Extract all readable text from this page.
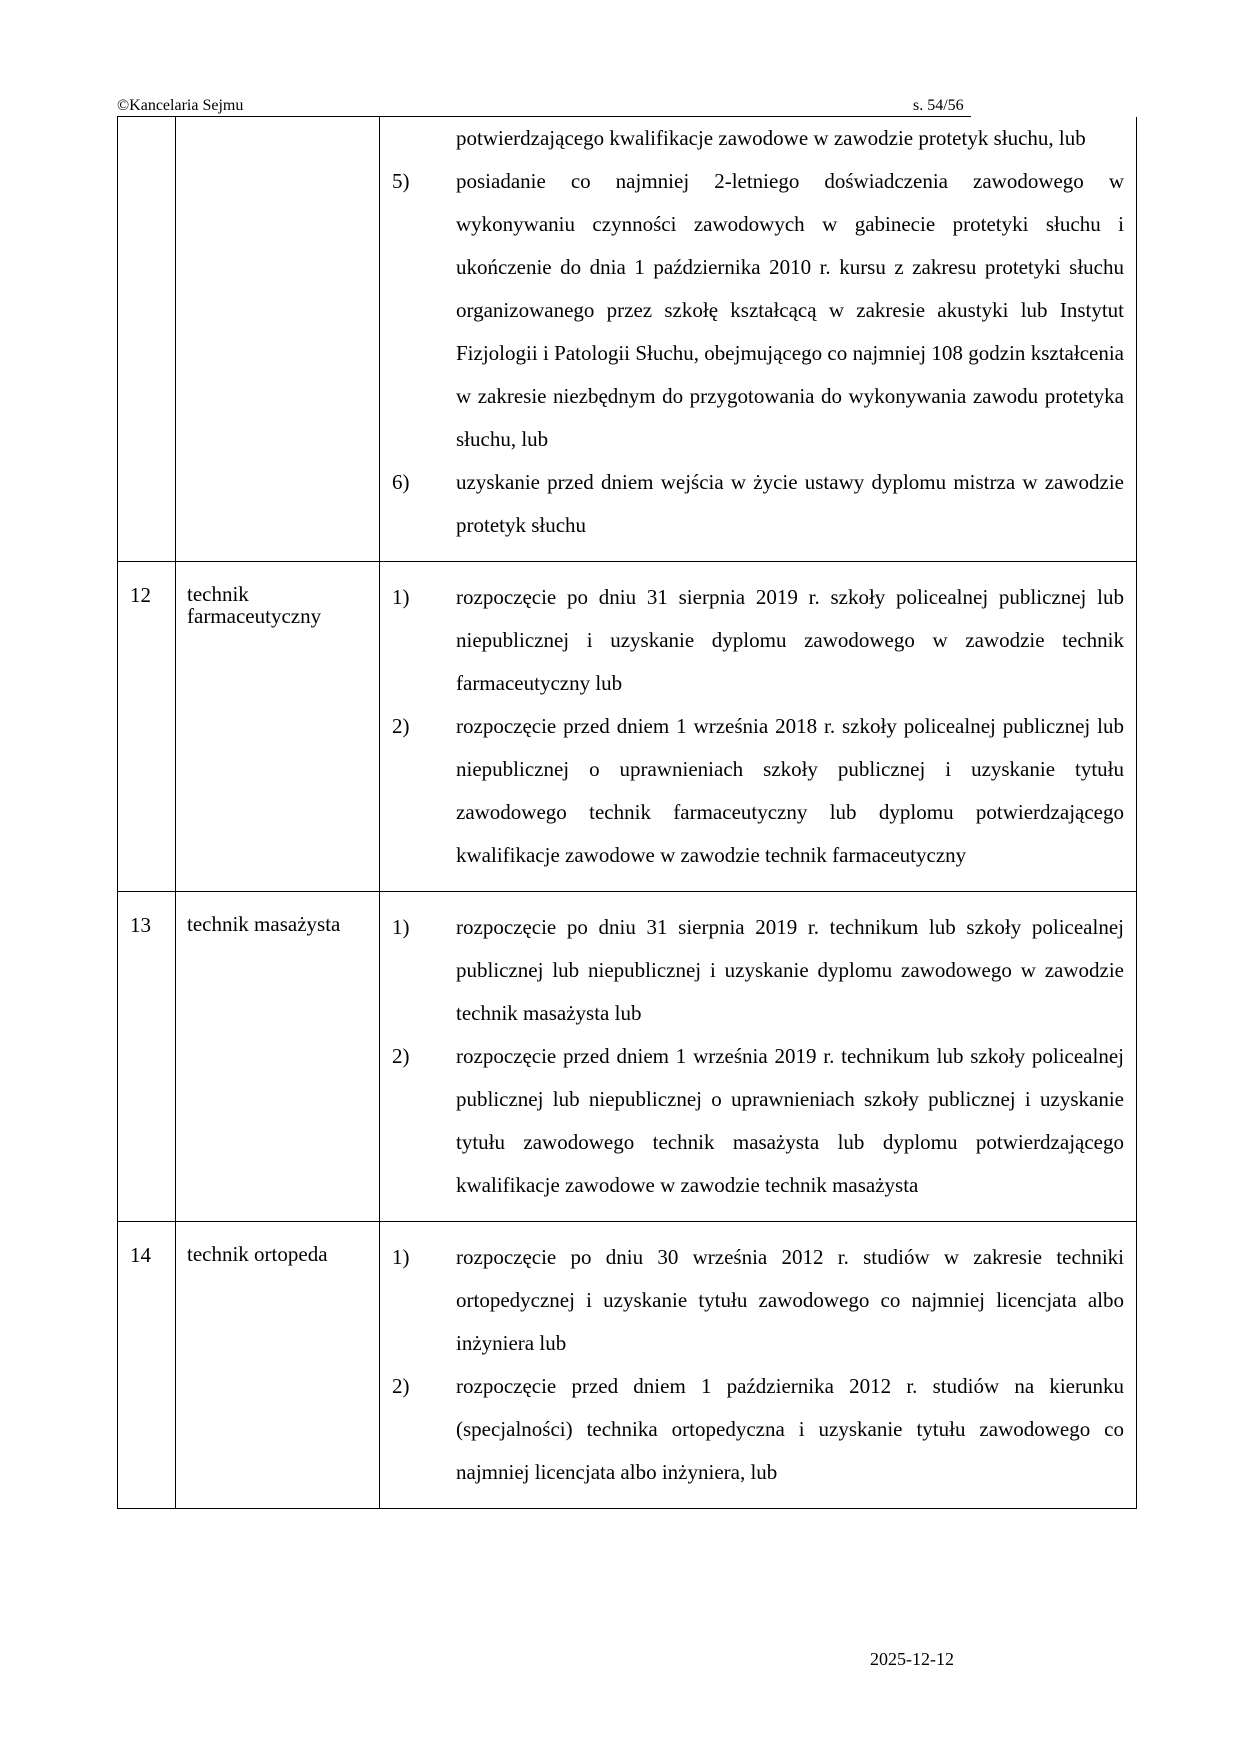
©Kancelaria Sejmu	s. 54/56

		potwierdzającego kwalifikacje zawodowe w zawodzie protetyk słuchu, lub
5) posiadanie co najmniej 2-letniego doświadczenia zawodowego w wykonywaniu czynności zawodowych w gabinecie protetyki słuchu i ukończenie do dnia 1 października 2010 r. kursu z zakresu protetyki słuchu organizowanego przez szkołę kształcącą w zakresie akustyki lub Instytut Fizjologii i Patologii Słuchu, obejmującego co najmniej 108 godzin kształcenia w zakresie niezbędnym do przygotowania do wykonywania zawodu protetyka słuchu, lub
6) uzyskanie przed dniem wejścia w życie ustawy dyplomu mistrza w zawodzie protetyk słuchu

12	technik farmaceutyczny	1) rozpoczęcie po dniu 31 sierpnia 2019 r. szkoły policealnej publicznej lub niepublicznej i uzyskanie dyplomu zawodowego w zawodzie technik farmaceutyczny lub
2) rozpoczęcie przed dniem 1 września 2018 r. szkoły policealnej publicznej lub niepublicznej o uprawnieniach szkoły publicznej i uzyskanie tytułu zawodowego technik farmaceutyczny lub dyplomu potwierdzającego kwalifikacje zawodowe w zawodzie technik farmaceutyczny

13	technik masażysta	1) rozpoczęcie po dniu 31 sierpnia 2019 r. technikum lub szkoły policealnej publicznej lub niepublicznej i uzyskanie dyplomu zawodowego w zawodzie technik masażysta lub
2) rozpoczęcie przed dniem 1 września 2019 r. technikum lub szkoły policealnej publicznej lub niepublicznej o uprawnieniach szkoły publicznej i uzyskanie tytułu zawodowego technik masażysta lub dyplomu potwierdzającego kwalifikacje zawodowe w zawodzie technik masażysta

14	technik ortopeda	1) rozpoczęcie po dniu 30 września 2012 r. studiów w zakresie techniki ortopedycznej i uzyskanie tytułu zawodowego co najmniej licencjata albo inżyniera lub
2) rozpoczęcie przed dniem 1 października 2012 r. studiów na kierunku (specjalności) technika ortopedyczna i uzyskanie tytułu zawodowego co najmniej licencjata albo inżyniera, lub
2025-12-12
